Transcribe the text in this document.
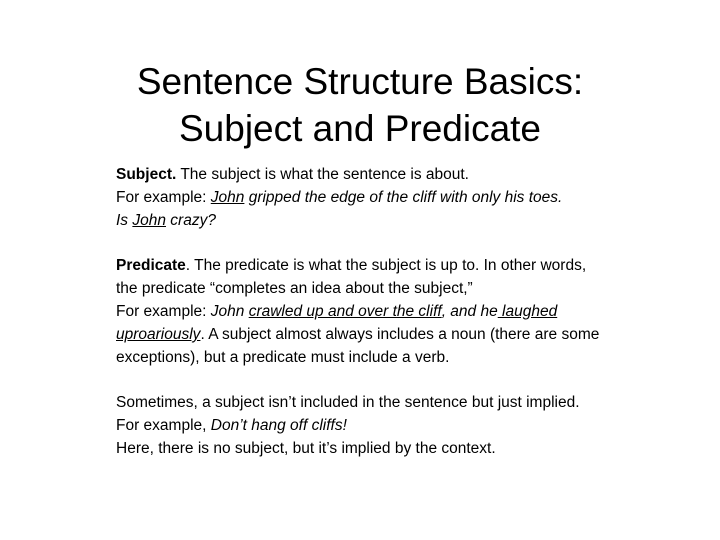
Sentence Structure Basics:
Subject and Predicate

Subject. The subject is what the sentence is about.

For example: John gripped the edge of the cliff with only his toes.

Is John crazy?

Predicate. The predicate is what the subject is up to. In other words, the predicate “completes an idea about the subject,”

For example: John crawled up and over the cliff, and he laughed uproariously. A subject almost always includes a noun (there are some exceptions), but a predicate must include a verb.

Sometimes, a subject isn’t included in the sentence but just implied.

For example, Don’t hang off cliffs!

Here, there is no subject, but it’s implied by the context.
